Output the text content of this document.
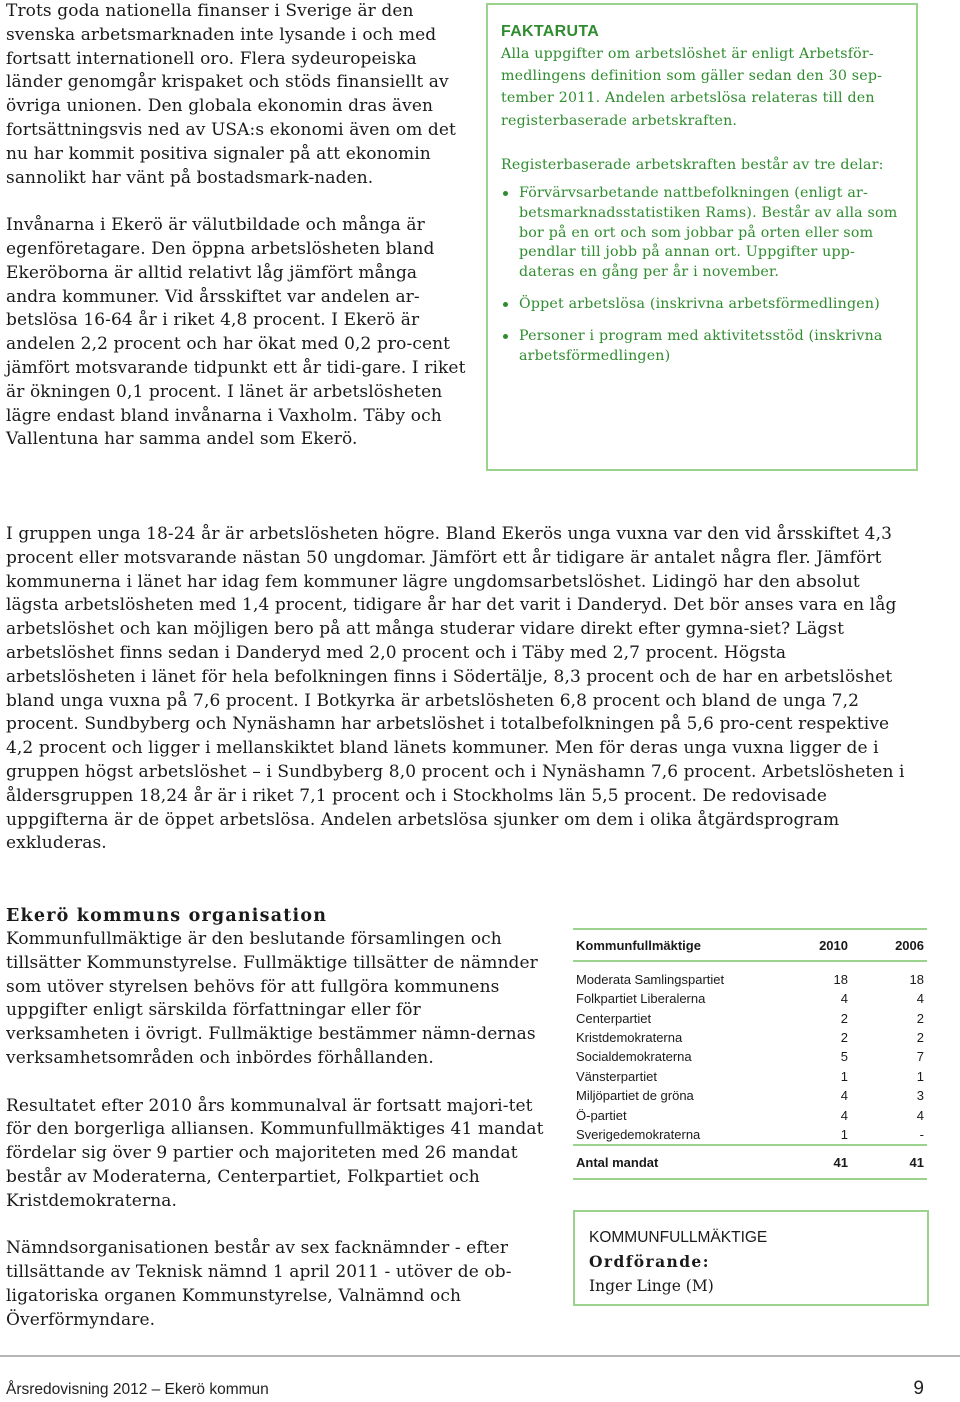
Trots goda nationella finanser i Sverige är den svenska arbetsmarknaden inte lysande i och med fortsatt internationell oro. Flera sydeuropeiska länder genomgår krispaket och stöds finansiellt av övriga unionen. Den globala ekonomin dras även fortsättningsvis ned av USA:s ekonomi även om det nu har kommit positiva signaler på att ekonomin sannolikt har vänt på bostadsmark-naden.

Invånarna i Ekerö är välutbildade och många är egenföretagare. Den öppna arbetslösheten bland Ekeröborna är alltid relativt låg jämfört många andra kommuner. Vid årsskiftet var andelen ar-betslösa 16-64 år i riket 4,8 procent. I Ekerö är andelen 2,2 procent och har ökat med 0,2 pro-cent jämfört motsvarande tidpunkt ett år tidi-gare. I riket är ökningen 0,1 procent. I länet är arbetslösheten lägre endast bland invånarna i Vaxholm. Täby och Vallentuna har samma andel som Ekerö.

FAKTARUTA

Alla uppgifter om arbetslöshet är enligt Arbetsför-medlingens definition som gäller sedan den 30 sep-tember 2011. Andelen arbetslösa relateras till den registerbaserade arbetskraften.

Registerbaserade arbetskraften består av tre delar:

Förvärvsarbetande nattbefolkningen (enligt ar-betsmarknadsstatistiken Rams). Består av alla som bor på en ort och som jobbar på orten eller som pendlar till jobb på annan ort. Uppgifter upp-dateras en gång per år i november.
Öppet arbetslösa (inskrivna arbetsförmedlingen)
Personer i program med aktivitetsstöd (inskrivna arbetsförmedlingen)

I gruppen unga 18-24 år är arbetslösheten högre. Bland Ekerös unga vuxna var den vid årsskiftet 4,3 procent eller motsvarande nästan 50 ungdomar. Jämfört ett år tidigare är antalet några fler. Jämfört kommunerna i länet har idag fem kommuner lägre ungdomsarbetslöshet. Lidingö har den absolut lägsta arbetslösheten med 1,4 procent, tidigare år har det varit i Danderyd. Det bör anses vara en låg arbetslöshet och kan möjligen bero på att många studerar vidare direkt efter gymna-siet? Lägst arbetslöshet finns sedan i Danderyd med 2,0 procent och i Täby med 2,7 procent. Högsta arbetslösheten i länet för hela befolkningen finns i Södertälje, 8,3 procent och de har en arbetslöshet bland unga vuxna på 7,6 procent. I Botkyrka är arbetslösheten 6,8 procent och bland de unga 7,2 procent. Sundbyberg och Nynäshamn har arbetslöshet i totalbefolkningen på 5,6 pro-cent respektive 4,2 procent och ligger i mellanskiktet bland länets kommuner. Men för deras unga vuxna ligger de i gruppen högst arbetslöshet – i Sundbyberg 8,0 procent och i Nynäshamn 7,6 procent. Arbetslösheten i åldersgruppen 18,24 år är i riket 7,1 procent och i Stockholms län 5,5 procent. De redovisade uppgifterna är de öppet arbetslösa. Andelen arbetslösa sjunker om dem i olika åtgärdsprogram exkluderas.

Ekerö kommuns organisation

Kommunfullmäktige är den beslutande församlingen och tillsätter Kommunstyrelse. Fullmäktige tillsätter de nämnder som utöver styrelsen behövs för att fullgöra kommunens uppgifter enligt särskilda författningar eller för verksamheten i övrigt. Fullmäktige bestämmer nämn-dernas verksamhetsområden och inbördes förhållanden.

Resultatet efter 2010 års kommunalval är fortsatt majori-tet för den borgerliga alliansen. Kommunfullmäktiges 41 mandat fördelar sig över 9 partier och majoriteten med 26 mandat består av Moderaterna, Centerpartiet, Folkpartiet och Kristdemokraterna.

Nämndsorganisationen består av sex facknämnder - efter tillsättande av Teknisk nämnd 1 april 2011 - utöver de ob-ligatoriska organen Kommunstyrelse, Valnämnd och Överförmyndare.

Kommunfullmäktige	2010	2006
Moderata Samlingspartiet	18	18
Folkpartiet Liberalerna	4	4
Centerpartiet	2	2
Kristdemokraterna	2	2
Socialdemokraterna	5	7
Vänsterpartiet	1	1
Miljöpartiet de gröna	4	3
Ö-partiet	4	4
Sverigedemokraterna	1	-
Antal mandat	41	41

KOMMUNFULLMÄKTIGE

Ordförande:

Inger Linge (M)

Årsredovisning 2012 – Ekerö kommun	9
